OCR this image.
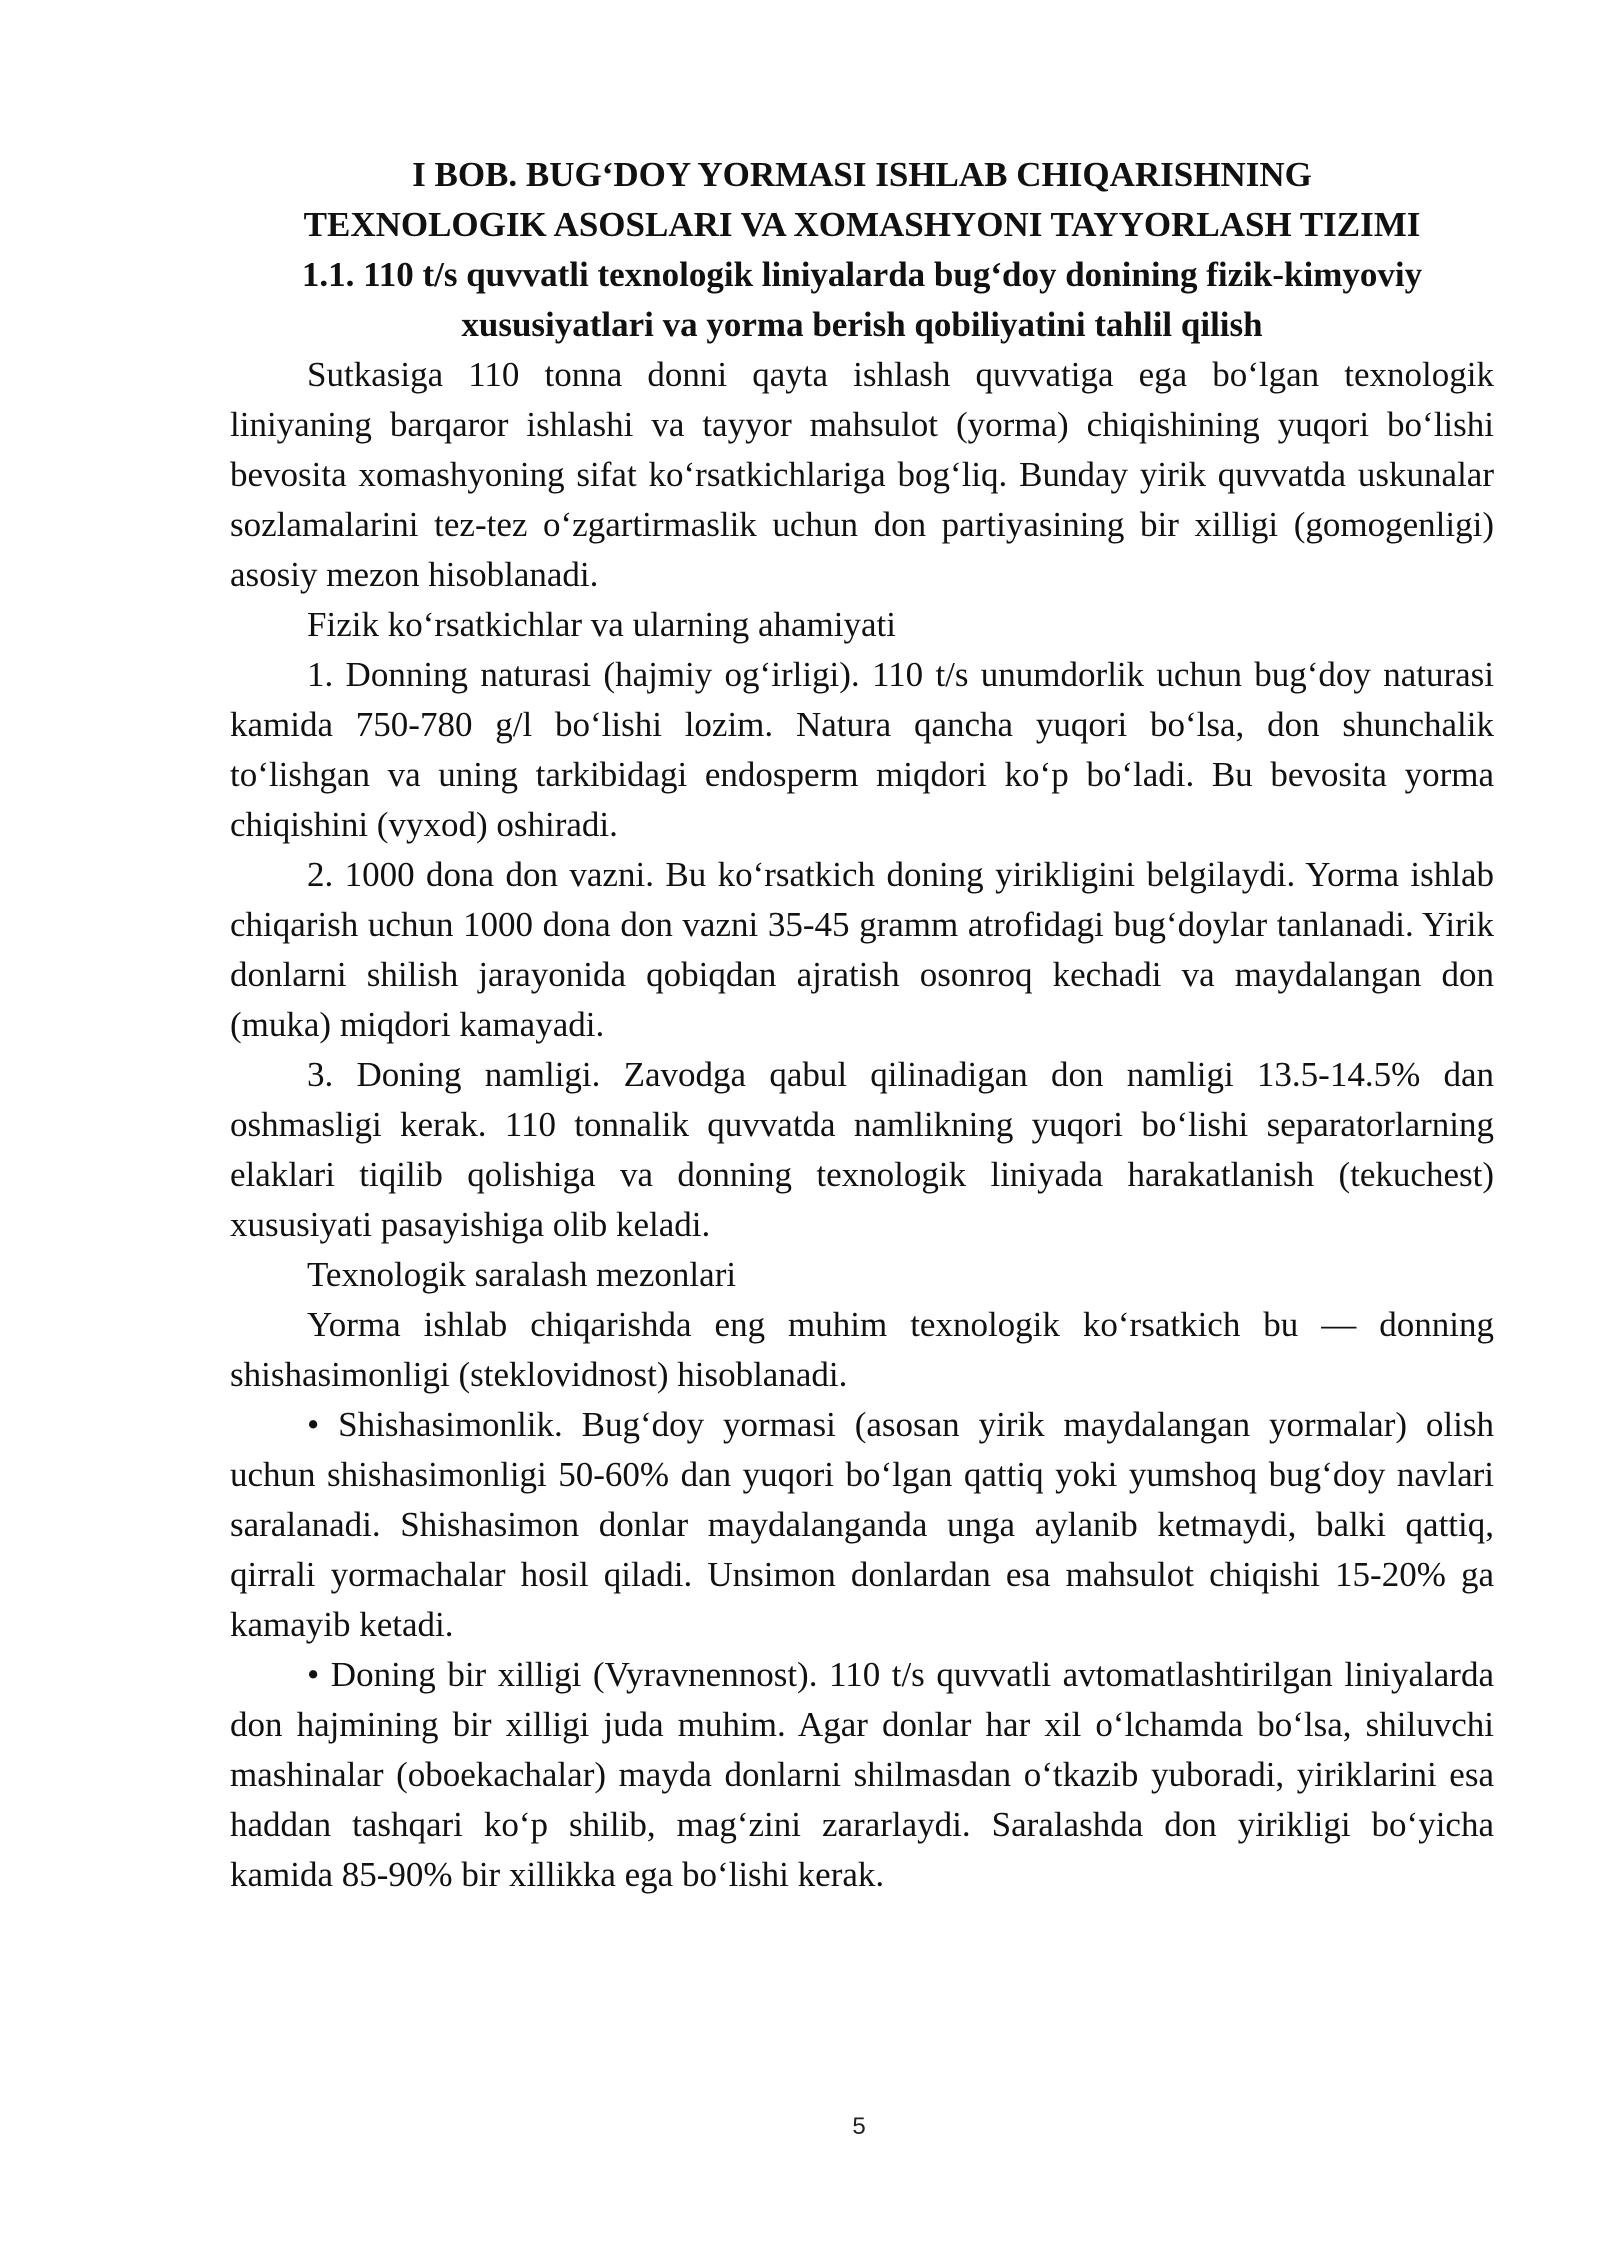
I BOB. BUG‘DOY YORMASI ISHLAB CHIQARISHNING

TEXNOLOGIK ASOSLARI VA XOMASHYONI TAYYORLASH TIZIMI

1.1. 110 t/s quvvatli texnologik liniyalarda bug‘doy donining fizik-kimyoviy xususiyatlari va yorma berish qobiliyatini tahlil qilish

Sutkasiga 110 tonna donni qayta ishlash quvvatiga ega bo‘lgan texnologik liniyaning barqaror ishlashi va tayyor mahsulot (yorma) chiqishining yuqori bo‘lishi bevosita xomashyoning sifat ko‘rsatkichlariga bog‘liq. Bunday yirik quvvatda uskunalar sozlamalarini tez-tez o‘zgartirmaslik uchun don partiyasining bir xilligi (gomogenligi) asosiy mezon hisoblanadi.

Fizik ko‘rsatkichlar va ularning ahamiyati

1. Donning naturasi (hajmiy og‘irligi). 110 t/s unumdorlik uchun bug‘doy naturasi kamida 750-780 g/l bo‘lishi lozim. Natura qancha yuqori bo‘lsa, don shunchalik to‘lishgan va uning tarkibidagi endosperm miqdori ko‘p bo‘ladi. Bu bevosita yorma chiqishini (vyxod) oshiradi.

2. 1000 dona don vazni. Bu ko‘rsatkich doning yirikligini belgilaydi. Yorma ishlab chiqarish uchun 1000 dona don vazni 35-45 gramm atrofidagi bug‘doylar tanlanadi. Yirik donlarni shilish jarayonida qobiqdan ajratish osonroq kechadi va maydalangan don (muka) miqdori kamayadi.

3. Doning namligi. Zavodga qabul qilinadigan don namligi 13.5-14.5% dan oshmasligi kerak. 110 tonnalik quvvatda namlikning yuqori bo‘lishi separatorlarning elaklari tiqilib qolishiga va donning texnologik liniyada harakatlanish (tekuchest) xususiyati pasayishiga olib keladi.

Texnologik saralash mezonlari

Yorma ishlab chiqarishda eng muhim texnologik ko‘rsatkich bu — donning shishasimonligi (steklovidnost) hisoblanadi.

• Shishasimonlik. Bug‘doy yormasi (asosan yirik maydalangan yormalar) olish uchun shishasimonligi 50-60% dan yuqori bo‘lgan qattiq yoki yumshoq bug‘doy navlari saralanadi. Shishasimon donlar maydalanganda unga aylanib ketmaydi, balki qattiq, qirrali yormachalar hosil qiladi. Unsimon donlardan esa mahsulot chiqishi 15-20% ga kamayib ketadi.

• Doning bir xilligi (Vyravnennost). 110 t/s quvvatli avtomatlashtirilgan liniyalarda don hajmining bir xilligi juda muhim. Agar donlar har xil o‘lchamda bo‘lsa, shiluvchi mashinalar (oboekachalar) mayda donlarni shilmasdan o‘tkazib yuboradi, yiriklarini esa haddan tashqari ko‘p shilib, mag‘zini zararlaydi. Saralashda don yirikligi bo‘yicha kamida 85-90% bir xillikka ega bo‘lishi kerak.

5
